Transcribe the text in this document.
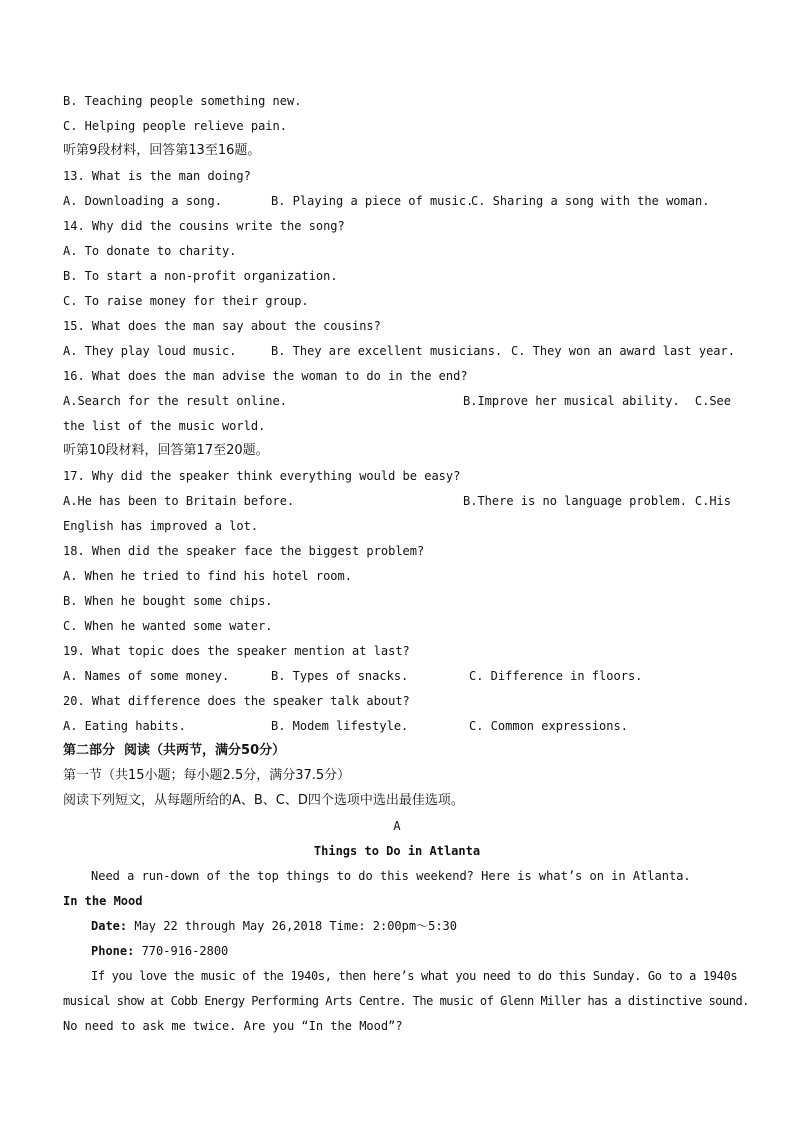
B. Teaching people something new.
C. Helping people relieve pain.
听第9段材料，回答第13至16题。
13. What is the man doing?

A. Downloading a song.

	B. Playing a piece of music.

C. Sharing a song with the woman.

14. Why did the cousins write the song?
A. To donate to charity.
B. To start a non-profit organization.
C. To raise money for their group.
15. What does the man say about the cousins?

A. They play loud music.

	B. They are excellent musicians.

C. They won an award last year.

16. What does the man advise the woman to do in the end?

A.Search for the result online.

	B.Improve her musical ability.

C.See

the list of the music world.
听第10段材料，回答第17至20题。
17. Why did the speaker think everything would be easy?

A.He has been to Britain before.

	B.There is no language problem.

C.His

English has improved a lot.
18. When did the speaker face the biggest problem?
A. When he tried to find his hotel room.
B. When he bought some chips.
C. When he wanted some water.
19. What topic does the speaker mention at last?

A. Names of some money.

	B. Types of snacks.

	C. Difference in floors.

20. What difference does the speaker talk about?

A. Eating habits.

	B. Modem lifestyle.

	C. Common expressions.

第二部分  阅读（共两节，满分50分）
第一节（共15小题；每小题2.5分，满分37.5分）
阅读下列短文，从每题所给的A、B、C、D四个选项中选出最佳选项。
A
Things to Do in Atlanta
Need a run-down of the top things to do this weekend? Here is what’s on in Atlanta.
In the Mood
Date: May 22 through May 26,2018 Time: 2:00pm～5:30
Phone: 770-916-2800
If you love the music of the 1940s, then here’s what you need to do this Sunday. Go to a 1940s
musical show at Cobb Energy Performing Arts Centre. The music of Glenn Miller has a distinctive sound.
No need to ask me twice. Are you “In the Mood”?
